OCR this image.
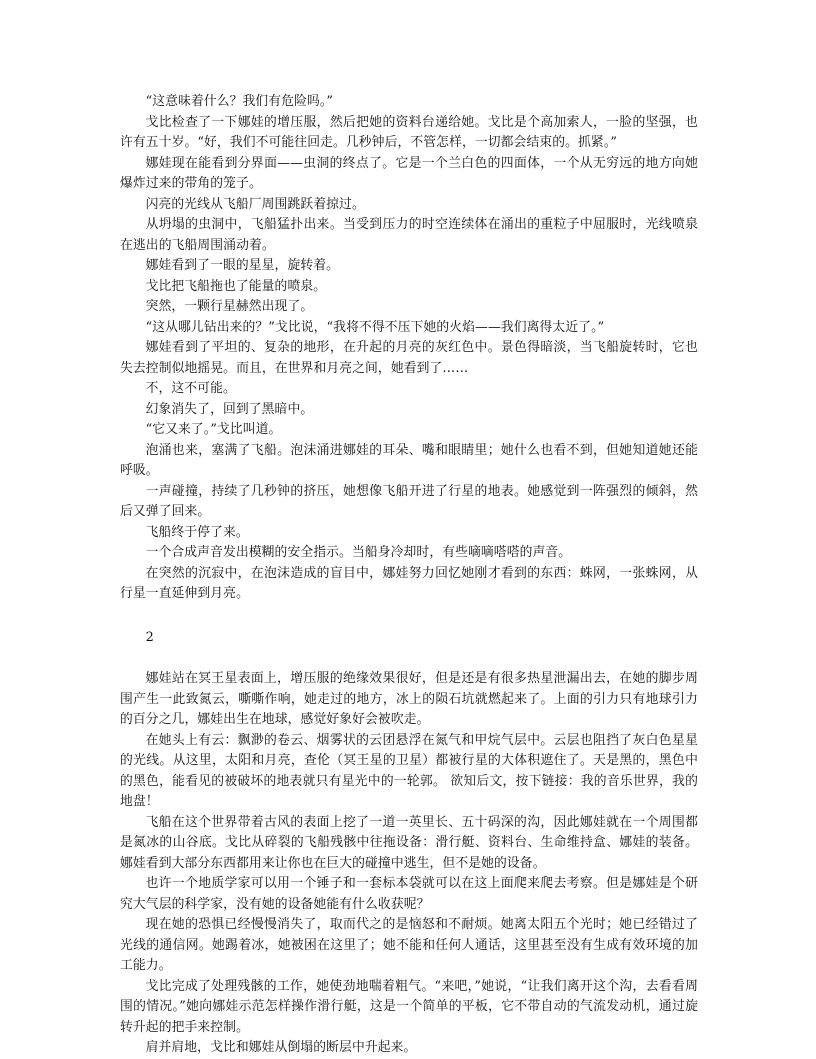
“这意味着什么？我们有危险吗。”

戈比检查了一下娜娃的增压服，然后把她的资料台递给她。戈比是个高加索人，一脸的坚强，也许有五十岁。“好，我们不可能往回走。几秒钟后，不管怎样，一切都会结束的。抓紧。”

娜娃现在能看到分界面——虫洞的终点了。它是一个兰白色的四面体，一个从无穷远的地方向她爆炸过来的带角的笼子。

闪亮的光线从飞船厂周围跳跃着掠过。

从坍塌的虫洞中，飞船猛扑出来。当受到压力的时空连续体在涌出的重粒子中屈服时，光线喷泉在逃出的飞船周围涌动着。

娜娃看到了一眼的星星，旋转着。

戈比把飞船拖也了能量的喷泉。

突然，一颗行星赫然出现了。

“这从哪儿钻出来的？”戈比说，“我将不得不压下她的火焰——我们离得太近了。”

娜娃看到了平坦的、复杂的地形，在升起的月亮的灰红色中。景色得暗淡，当飞船旋转时，它也失去控制似地摇晃。而且，在世界和月亮之间，她看到了……

不，这不可能。

幻象消失了，回到了黑暗中。

“它又来了。”戈比叫道。

泡涌也来，塞满了飞船。泡沫涌进娜娃的耳朵、嘴和眼睛里；她什么也看不到，但她知道她还能呼吸。

一声碰撞，持续了几秒钟的挤压，她想像飞船开进了行星的地表。她感觉到一阵强烈的倾斜，然后又弹了回来。

飞船终于停了来。

一个合成声音发出模糊的安全指示。当船身冷却时，有些嘀嘀嗒嗒的声音。

在突然的沉寂中，在泡沫造成的盲目中，娜娃努力回忆她刚才看到的东西：蛛网，一张蛛网，从行星一直延伸到月亮。

2

娜娃站在冥王星表面上，增压服的绝缘效果很好，但是还是有很多热星泄漏出去，在她的脚步周围产生一此致氮云，嘶嘶作响，她走过的地方，冰上的陨石坑就燃起来了。上面的引力只有地球引力的百分之几，娜娃出生在地球，感觉好象好会被吹走。

在她头上有云：飘渺的卷云、烟雾状的云团悬浮在氮气和甲烷气层中。云层也阻挡了灰白色星星的光线。从这里，太阳和月亮，查伦（冥王星的卫星）都被行星的大体积遮住了。天是黑的，黑色中的黑色，能看见的被破坏的地表就只有星光中的一轮郭。 欲知后文，按下链接：我的音乐世界，我的地盘！

飞船在这个世界带着古风的表面上挖了一道一英里长、五十码深的沟，因此娜娃就在一个周围都是氮冰的山谷底。戈比从碎裂的飞船残骸中往拖设备：滑行艇、资料台、生命维持盒、娜娃的装备。娜娃看到大部分东西都用来让你也在巨大的碰撞中逃生，但不是她的设备。

也许一个地质学家可以用一个锤子和一套标本袋就可以在这上面爬来爬去考察。但是娜娃是个研究大气层的科学家，没有她的设备她能有什么收获呢？

现在她的恐惧已经慢慢消失了，取而代之的是恼怒和不耐烦。她离太阳五个光时；她已经错过了光线的通信网。她踢着冰，她被困在这里了；她不能和任何人通话，这里甚至没有生成有效环境的加工能力。

戈比完成了处理残骸的工作，她使劲地喘着粗气。“来吧，”她说，“让我们离开这个沟，去看看周围的情况。”她向娜娃示范怎样操作滑行艇，这是一个简单的平板，它不带自动的气流发动机，通过旋转升起的把手来控制。

肩并肩地，戈比和娜娃从倒塌的断层中升起来。
